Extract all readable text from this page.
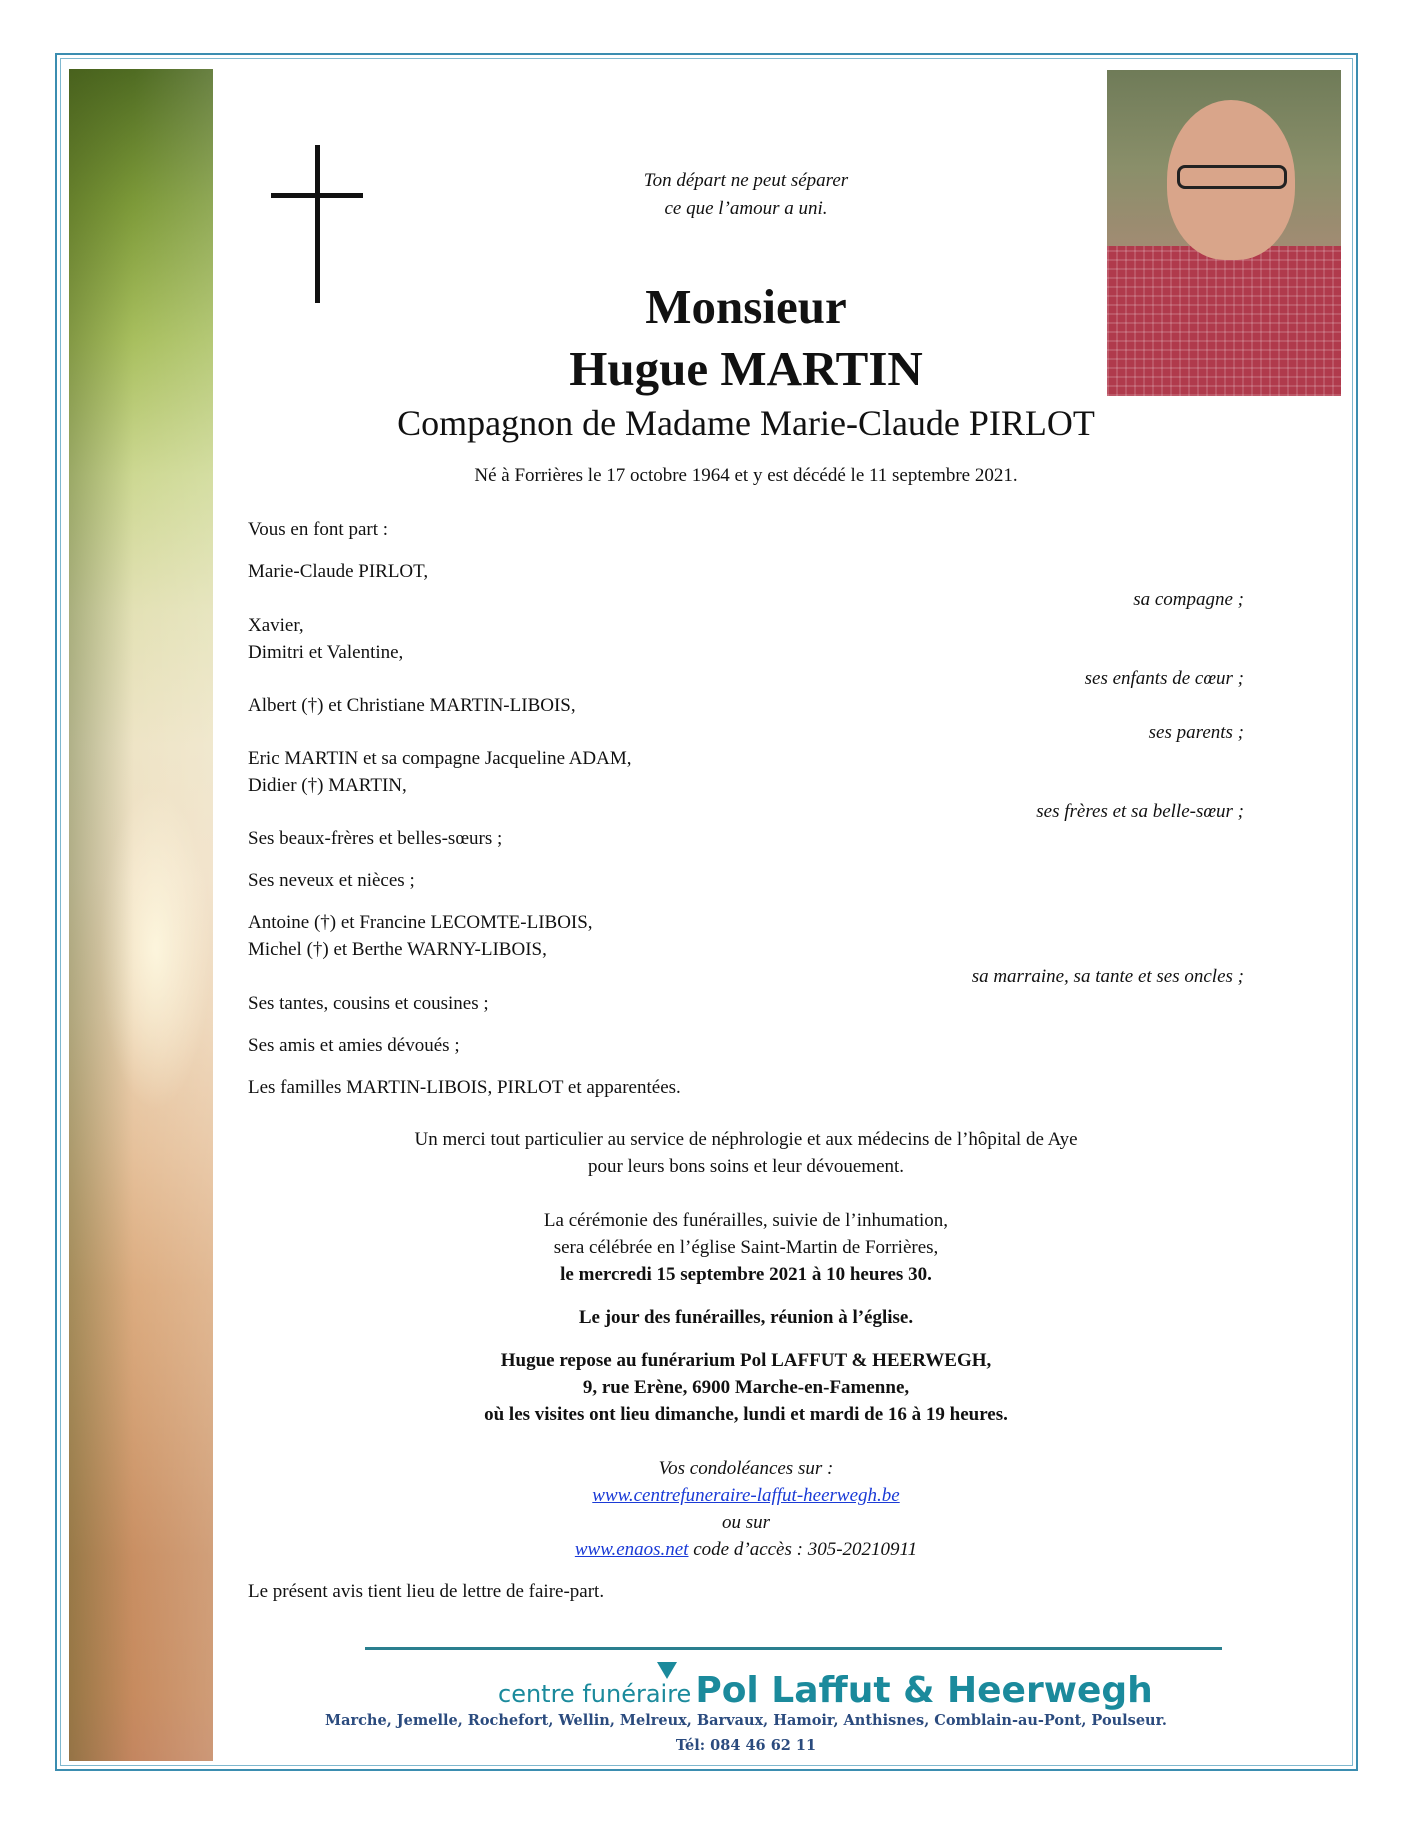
Ton départ ne peut séparer
ce que l’amour a uni.
Monsieur
Hugue MARTIN
Compagnon de Madame Marie-Claude PIRLOT
Né à Forrières le 17 octobre 1964 et y est décédé le 11 septembre 2021.
Vous en font part :
Marie-Claude PIRLOT,
sa compagne ;
Xavier,
Dimitri et Valentine,
ses enfants de cœur ;
Albert (†) et Christiane MARTIN-LIBOIS,
ses parents ;
Eric MARTIN et sa compagne Jacqueline ADAM,
Didier (†) MARTIN,
ses frères et sa belle-sœur ;
Ses beaux-frères et belles-sœurs ;
Ses neveux et nièces ;
Antoine (†) et Francine LECOMTE-LIBOIS,
Michel (†) et Berthe WARNY-LIBOIS,
sa marraine, sa tante et ses oncles ;
Ses tantes, cousins et cousines ;
Ses amis et amies dévoués ;
Les familles MARTIN-LIBOIS, PIRLOT et apparentées.
Un merci tout particulier au service de néphrologie et aux médecins de l’hôpital de Aye
pour leurs bons soins et leur dévouement.
La cérémonie des funérailles, suivie de l’inhumation,
sera célébrée en l’église Saint-Martin de Forrières,
le mercredi 15 septembre 2021 à 10 heures 30.
Le jour des funérailles, réunion à l’église.
Hugue repose au funérarium Pol LAFFUT & HEERWEGH,
9, rue Erène, 6900 Marche-en-Famenne,
où les visites ont lieu dimanche, lundi et mardi de 16 à 19 heures.
Vos condoléances sur :
www.centrefuneraire-laffut-heerwegh.be
ou sur
www.enaos.net code d’accès : 305-20210911
Le présent avis tient lieu de lettre de faire-part.
centre funéraire Pol Laffut & Heerwegh
Marche, Jemelle, Rochefort, Wellin, Melreux, Barvaux, Hamoir, Anthisnes, Comblain-au-Pont, Poulseur.
Tél: 084 46 62 11
